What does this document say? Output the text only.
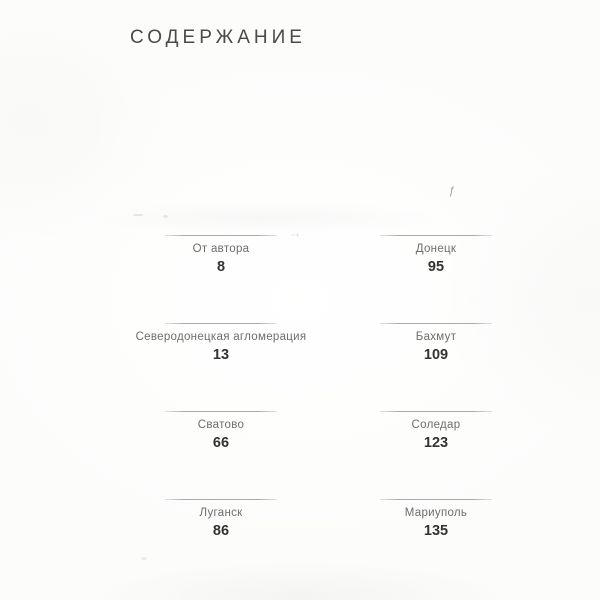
СОДЕРЖАНИЕ
От автора
8
Северодонецкая агломерация
13
Сватово
66
Луганск
86
Донецк
95
Бахмут
109
Соледар
123
Мариуполь
135
ƒ
⁻⁺
